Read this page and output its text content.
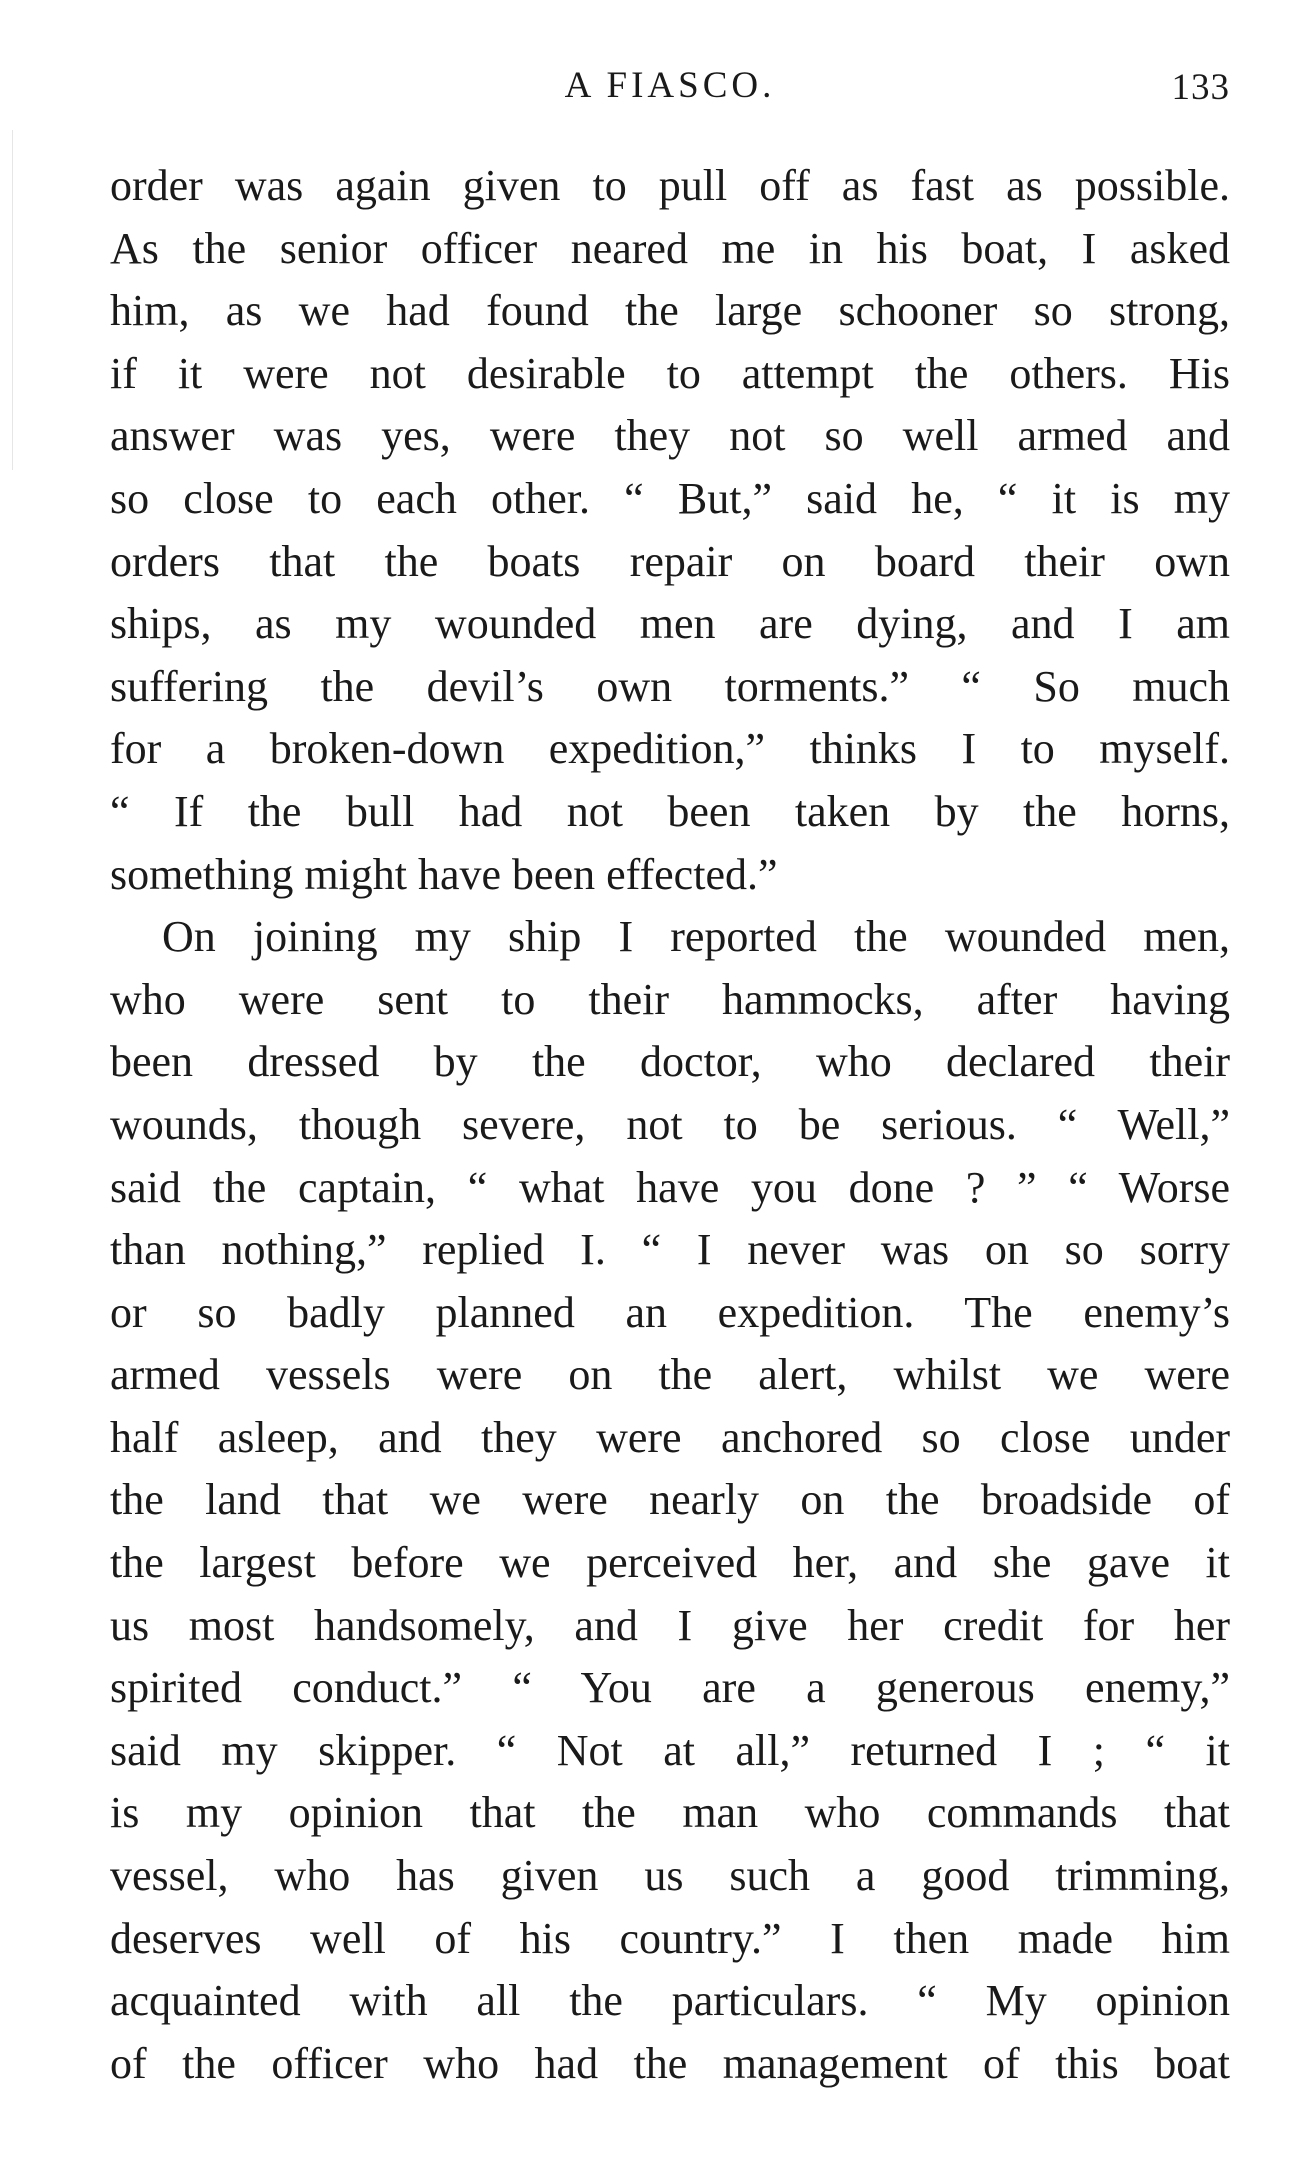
A FIASCO.	133
order was again given to pull off as fast as possible.
As the senior officer neared me in his boat, I asked
him, as we had found the large schooner so strong,
if it were not desirable to attempt the others. His
answer was yes, were they not so well armed and
so close to each other. “ But,” said he, “ it is my
orders that the boats repair on board their own
ships, as my wounded men are dying, and I am
suffering the devil’s own torments.” “ So much
for a broken-down expedition,” thinks I to myself.
“ If the bull had not been taken by the horns,
something might have been effected.”
On joining my ship I reported the wounded men,
who were sent to their hammocks, after having
been dressed by the doctor, who declared their
wounds, though severe, not to be serious. “ Well,”
said the captain, “ what have you done ? ” “ Worse
than nothing,” replied I. “ I never was on so sorry
or so badly planned an expedition. The enemy’s
armed vessels were on the alert, whilst we were
half asleep, and they were anchored so close under
the land that we were nearly on the broadside of
the largest before we perceived her, and she gave it
us most handsomely, and I give her credit for her
spirited conduct.” “ You are a generous enemy,”
said my skipper. “ Not at all,” returned I ; “ it
is my opinion that the man who commands that
vessel, who has given us such a good trimming,
deserves well of his country.” I then made him
acquainted with all the particulars. “ My opinion
of the officer who had the management of this boat
